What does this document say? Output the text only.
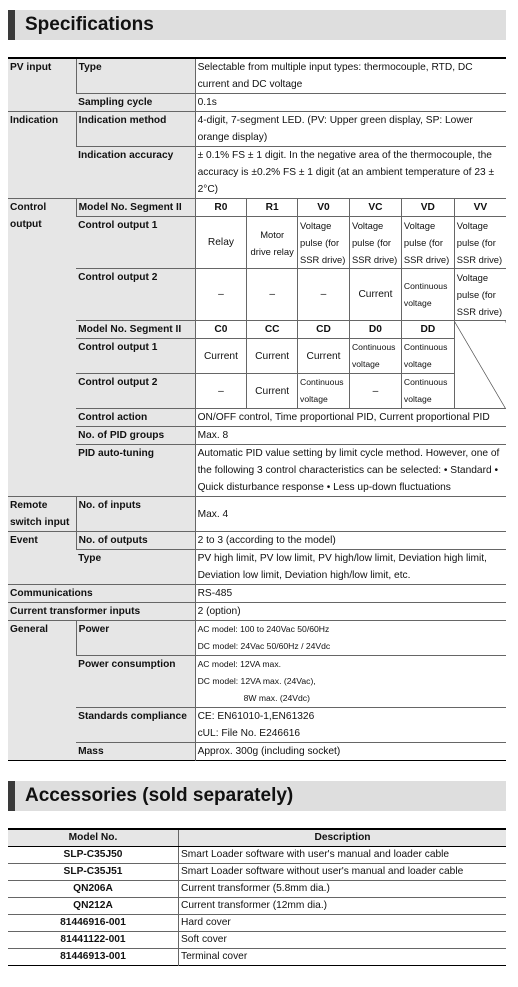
Specifications
PV input	Type	Selectable from multiple input types: thermocouple, RTD, DC current and DC voltage					
	Sampling cycle	0.1s					
Indication	Indication method	4-digit, 7-segment LED. (PV: Upper green display, SP: Lower orange display)					
	Indication accuracy	± 0.1% FS ± 1 digit. In the negative area of the thermocouple, the accuracy is ±0.2% FS ± 1 digit (at an ambient temperature of 23 ± 2°C)					
Control output	Model No. Segment II	R0	R1	V0	VC	VD	VV
	Control output 1	Relay	Motor drive relay	Voltage pulse (for SSR drive)	Voltage pulse (for SSR drive)	Voltage pulse (for SSR drive)	Voltage pulse (for SSR drive)
	Control output 2	–	–	–	Current	Continuous voltage	Voltage pulse (for SSR drive)
	Model No. Segment II	C0	CC	CD	D0	DD	
	Control output 1	Current	Current	Current	Continuous voltage	Continuous voltage	
	Control output 2	–	Current	Continuous voltage	–	Continuous voltage	
	Control action	ON/OFF control, Time proportional PID, Current proportional PID					
	No. of PID groups	Max. 8					
	PID auto-tuning	Automatic PID value setting by limit cycle method. However, one of the following 3 control characteristics can be selected: • Standard • Quick disturbance response • Less up-down fluctuations					
Remote switch input	No. of inputs	Max. 4					
Event	No. of outputs	2 to 3 (according to the model)					
	Type	PV high limit, PV low limit, PV high/low limit, Deviation high limit, Deviation low limit, Deviation high/low limit, etc.					
Communications		RS-485					
Current transformer inputs		2 (option)					
General	Power	AC model: 100 to 240Vac 50/60Hz
DC model: 24Vac 50/60Hz / 24Vdc					

	Power consumption	AC model: 12VA max.
DC model: 12VA max. (24Vac),
8W max. (24Vdc)					

	Standards compliance	CE: EN61010-1,EN61326
cUL: File No. E246616					

	Mass	Approx. 300g (including socket)					
Accessories (sold separately)
Model No.	Description
SLP-C35J50	Smart Loader software with user's manual and loader cable
SLP-C35J51	Smart Loader software without user's manual and loader cable
QN206A	Current transformer (5.8mm dia.)
QN212A	Current transformer (12mm dia.)
81446916-001	Hard cover
81441122-001	Soft cover
81446913-001	Terminal cover
